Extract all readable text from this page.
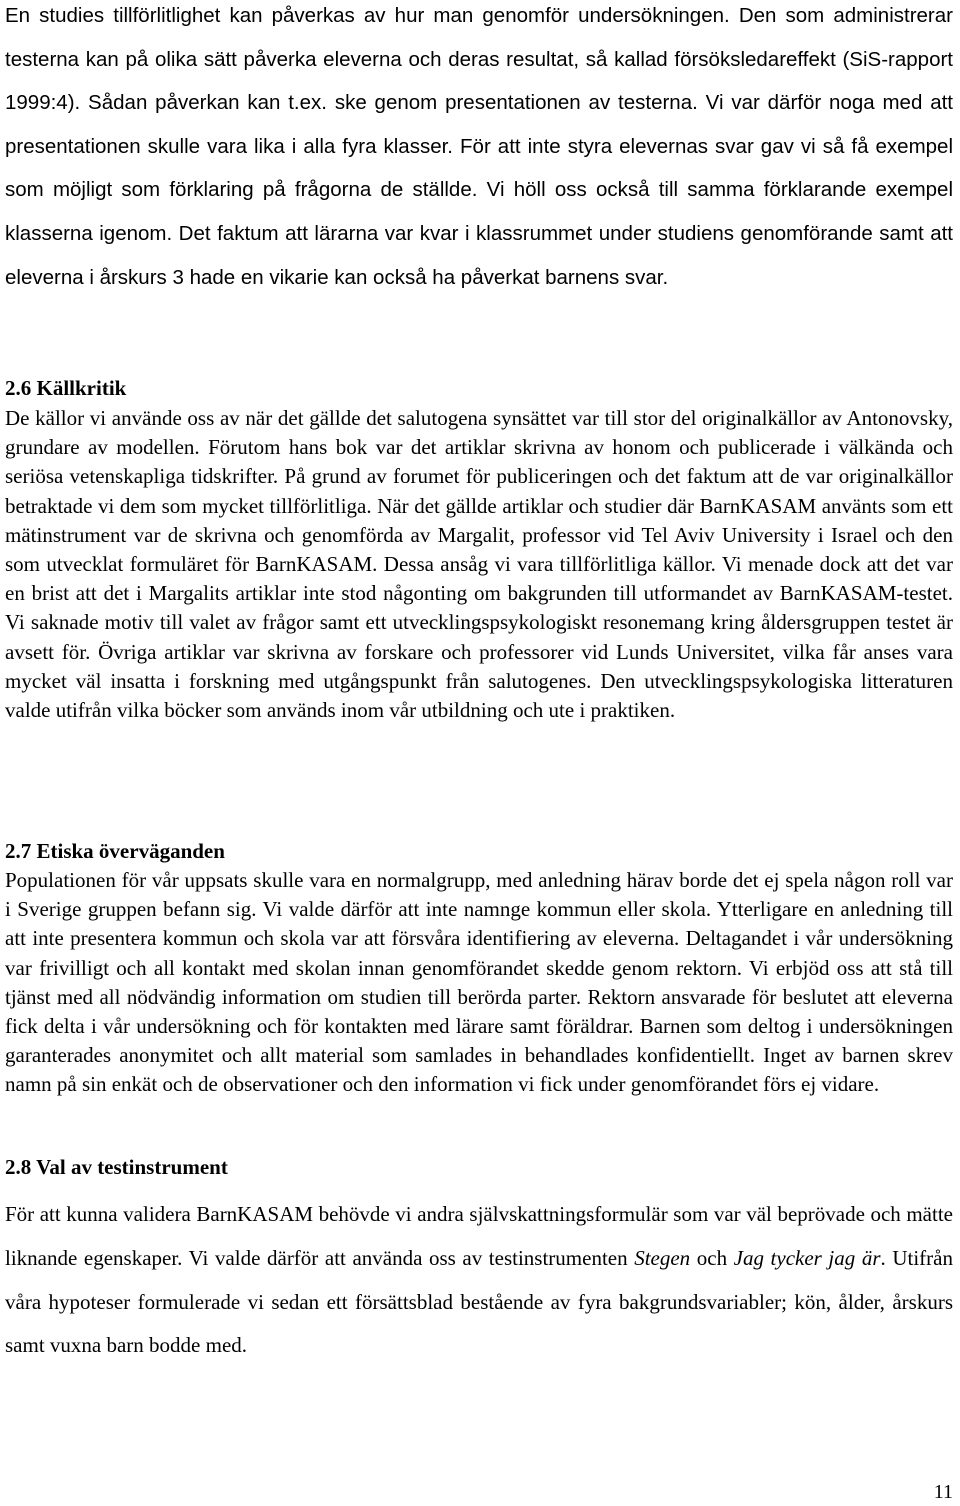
En studies tillförlitlighet kan påverkas av hur man genomför undersökningen. Den som administrerar testerna kan på olika sätt påverka eleverna och deras resultat, så kallad försöksledareffekt (SiS-rapport 1999:4). Sådan påverkan kan t.ex. ske genom presentationen av testerna. Vi var därför noga med att presentationen skulle vara lika i alla fyra klasser. För att inte styra elevernas svar gav vi så få exempel som möjligt som förklaring på frågorna de ställde. Vi höll oss också till samma förklarande exempel klasserna igenom. Det faktum att lärarna var kvar i klassrummet under studiens genomförande samt att eleverna i årskurs 3 hade en vikarie kan också ha påverkat barnens svar.

2.6 Källkritik

De källor vi använde oss av när det gällde det salutogena synsättet var till stor del originalkällor av Antonovsky, grundare av modellen. Förutom hans bok var det artiklar skrivna av honom och publicerade i välkända och seriösa vetenskapliga tidskrifter. På grund av forumet för publiceringen och det faktum att de var originalkällor betraktade vi dem som mycket tillförlitliga. När det gällde artiklar och studier där BarnKASAM använts som ett mätinstrument var de skrivna och genomförda av Margalit, professor vid Tel Aviv University i Israel och den som utvecklat formuläret för BarnKASAM. Dessa ansåg vi vara tillförlitliga källor. Vi menade dock att det var en brist att det i Margalits artiklar inte stod någonting om bakgrunden till utformandet av BarnKASAM-testet. Vi saknade motiv till valet av frågor samt ett utvecklingspsykologiskt resonemang kring åldersgruppen testet är avsett för. Övriga artiklar var skrivna av forskare och professorer vid Lunds Universitet, vilka får anses vara mycket väl insatta i forskning med utgångspunkt från salutogenes. Den utvecklingspsykologiska litteraturen valde utifrån vilka böcker som används inom vår utbildning och ute i praktiken.

2.7 Etiska överväganden

Populationen för vår uppsats skulle vara en normalgrupp, med anledning härav borde det ej spela någon roll var i Sverige gruppen befann sig. Vi valde därför att inte namnge kommun eller skola. Ytterligare en anledning till att inte presentera kommun och skola var att försvåra identifiering av eleverna. Deltagandet i vår undersökning var frivilligt och all kontakt med skolan innan genomförandet skedde genom rektorn. Vi erbjöd oss att stå till tjänst med all nödvändig information om studien till berörda parter. Rektorn ansvarade för beslutet att eleverna fick delta i vår undersökning och för kontakten med lärare samt föräldrar. Barnen som deltog i undersökningen garanterades anonymitet och allt material som samlades in behandlades konfidentiellt. Inget av barnen skrev namn på sin enkät och de observationer och den information vi fick under genomförandet förs ej vidare.

2.8 Val av testinstrument

För att kunna validera BarnKASAM behövde vi andra självskattningsformulär som var väl beprövade och mätte liknande egenskaper. Vi valde därför att använda oss av testinstrumenten Stegen och Jag tycker jag är. Utifrån våra hypoteser formulerade vi sedan ett försättsblad bestående av fyra bakgrundsvariabler; kön, ålder, årskurs samt vuxna barn bodde med.

11
